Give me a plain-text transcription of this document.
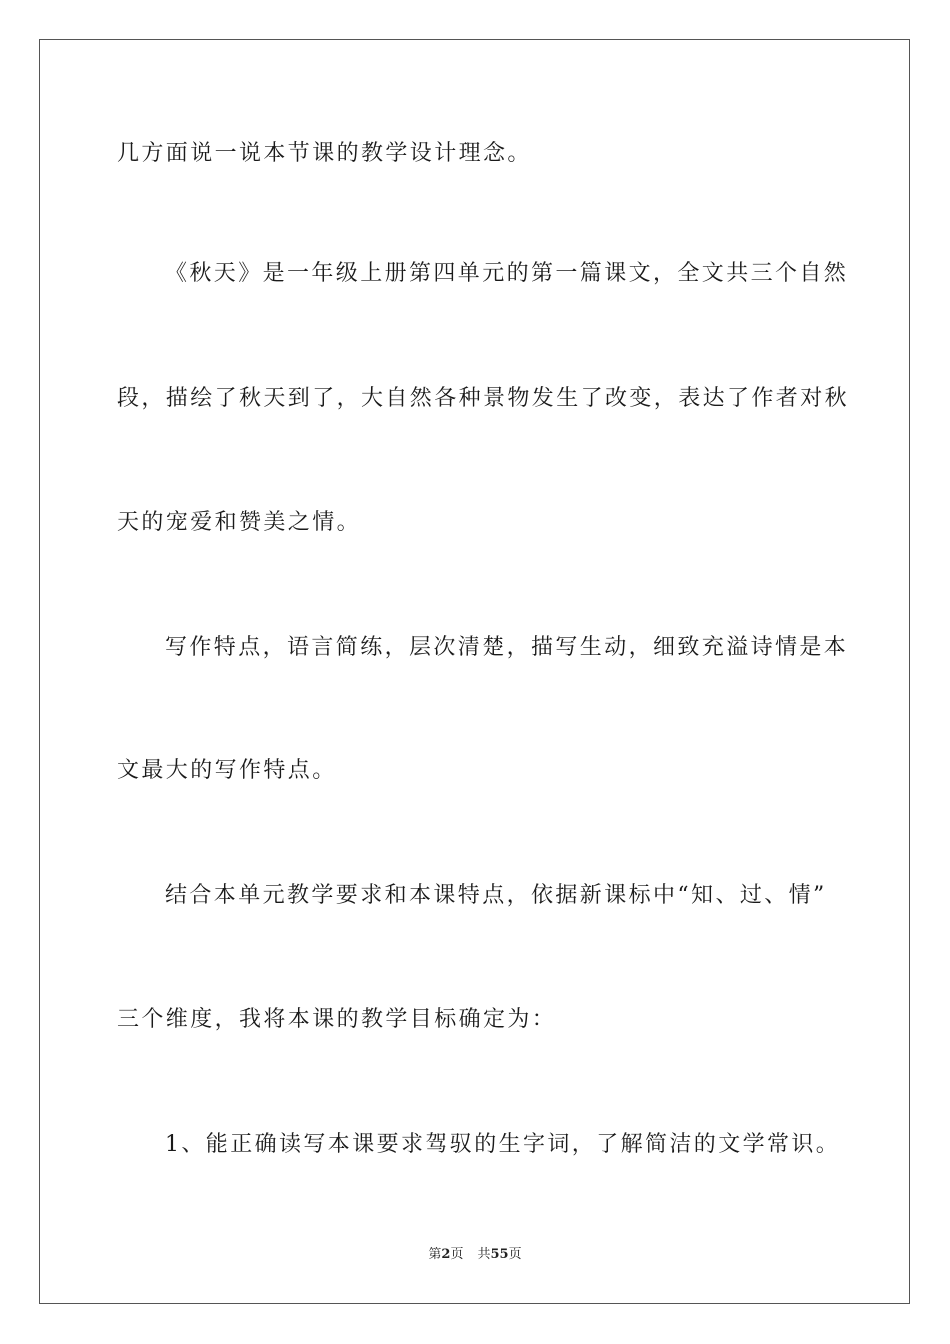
几方面说一说本节课的教学设计理念。
《秋天》是一年级上册第四单元的第一篇课文，全文共三个自然
段，描绘了秋天到了，大自然各种景物发生了改变，表达了作者对秋
天的宠爱和赞美之情。
写作特点，语言简练，层次清楚，描写生动，细致充溢诗情是本
文最大的写作特点。
结合本单元教学要求和本课特点，依据新课标中“知、过、情”
三个维度，我将本课的教学目标确定为：
1、能正确读写本课要求驾驭的生字词，了解简洁的文学常识。
第2页 共55页
